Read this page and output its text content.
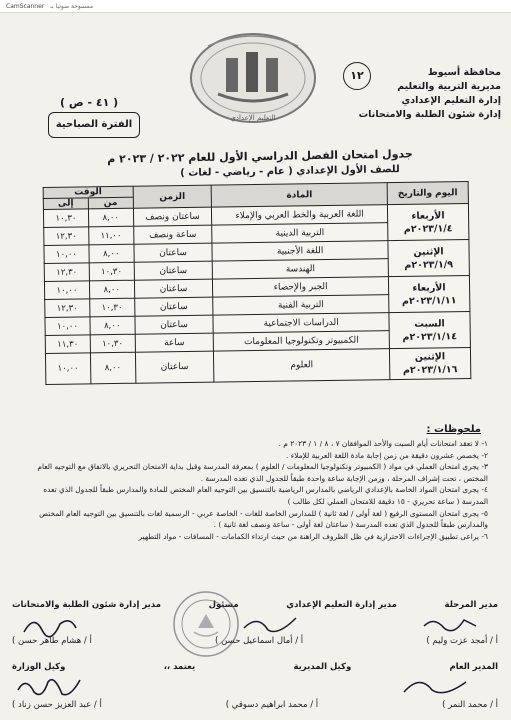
CamScanner ممسوحة ضوئيا بـ
محافظة أسيوط
مديرية التربية والتعليم
إدارة التعليم الإعدادي
إدارة شئون الطلبة والامتحانات
١٢
التعليم الإعدادي
( ٤١ - ص )
الفترة الصباحية
جدول امتحان الفصل الدراسي الأول للعام ٢٠٢٢ / ٢٠٢٣ م
للصف الأول الإعدادي ( عام - رياضي - لغات )
اليوم والتاريخ	المادة	الزمن	الوقت	
			من	إلى

الأربعاء
٢٠٢٣/١/٤م	اللغة العربية والخط العربي والإملاء	ساعتان ونصف	٨,٠٠	١٠,٣٠
	التربية الدينية	ساعة ونصف	١١,٠٠	١٢,٣٠

الإثنين
٢٠٢٣/١/٩م	اللغة الأجنبية	ساعتان	٨,٠٠	١٠,٠٠
	الهندسة	ساعتان	١٠,٣٠	١٢,٣٠

الأربعاء
٢٠٢٣/١/١١م	الجبر والإحصاء	ساعتان	٨,٠٠	١٠,٠٠
	التربية الفنية	ساعتان	١٠,٣٠	١٢,٣٠

السبت
٢٠٢٣/١/١٤م	الدراسات الاجتماعية	ساعتان	٨,٠٠	١٠,٠٠
	الكمبيوتر وتكنولوجيا المعلومات	ساعة	١٠,٣٠	١١,٣٠

الإثنين
٢٠٢٣/١/١٦م	العلوم	ساعتان	٨,٠٠	١٠,٠٠
ملحوظات :

١- لا تعقد امتحانات أيام السبت والأحد الموافقان ٧ ، ٨ / ١ / ٢٠٢٣ م .

٢- يخصص عشرون دقيقة من زمن إجابة مادة اللغة العربية للإملاء .

٣- يجرى امتحان العملي في مواد ( الكمبيوتر وتكنولوجيا المعلومات / العلوم ) بمعرفة المدرسة وقبل بداية الامتحان التحريري بالاتفاق مع التوجيه العام المختص ، تحت إشراف المرحلة ، وزمن الإجابة ساعة واحدة طبقاً للجدول الذي تعده المدرسة .

٤- يجرى امتحان المواد الخاصة بالإعدادي الرياضي بالمدارس الرياضية بالتنسيق بين التوجيه العام المختص للمادة والمدارس طبقاً للجدول الذي تعده المدرسة ( ساعة تحريري - ١٥ دقيقة للامتحان العملي لكل طالب )

٥- يجرى امتحان المستوى الرفيع ( لغة أولى / لغة ثانية ) للمدارس الخاصة للغات - الخاصة عربي - الرسمية لغات بالتنسيق بين التوجيه العام المختص والمدارس طبقاً للجدول الذي تعده المدرسة ( ساعتان لغة أولى - ساعة ونصف لغة ثانية ) .

٦- يراعى تطبيق الإجراءات الاحترازية في ظل الظروف الراهنة من حيث ارتداء الكمامات - المسافات - مواد التطهير

مدير المرحلة
مدير إدارة التعليم الإعدادي
مسئول
مدير إدارة شئون الطلبة والامتحانات
أ / أمجد عزت وليم )
أ / أمال اسماعيل حسن )
أ / هشام طاهر حسن )
المدير العام
وكيل المديرية
يعتمد ،،
وكيل الوزارة
أ / محمد النمر )
أ / محمد ابراهيم دسوقي )
أ / عبد العزيز حسن زناد )
